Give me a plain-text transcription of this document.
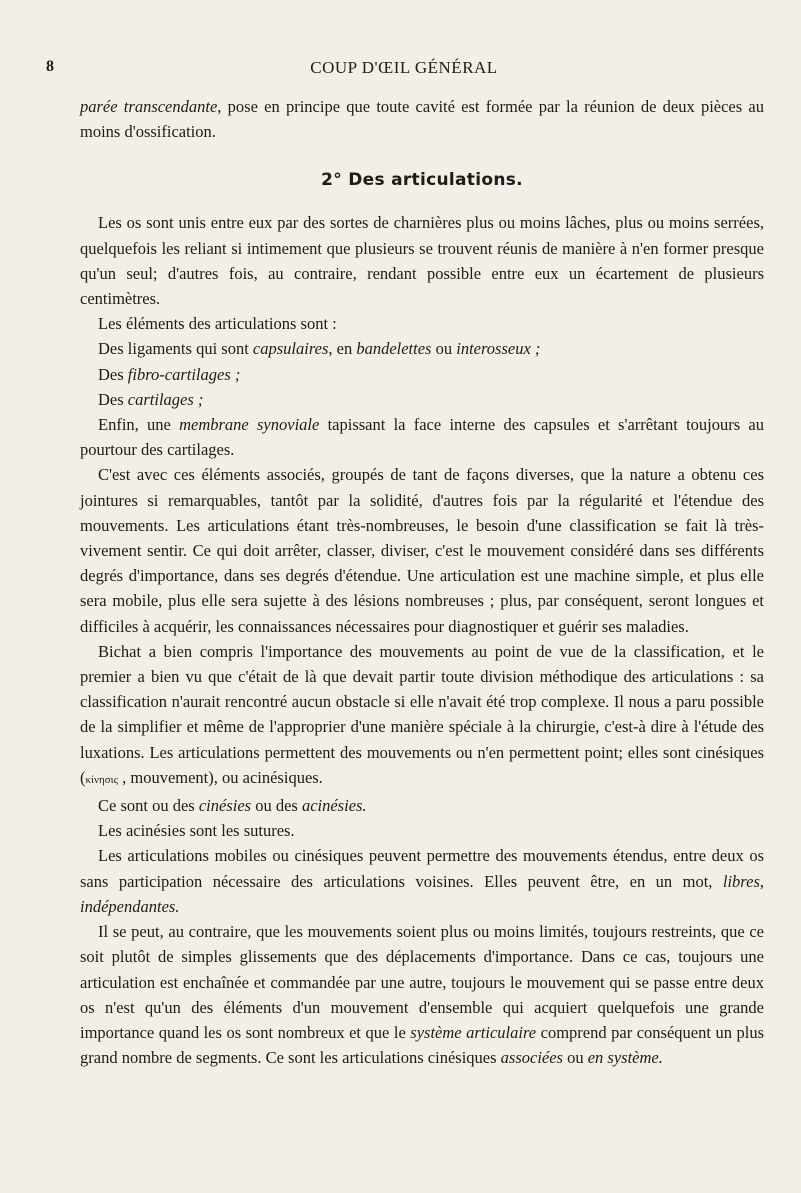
8	COUP D'ŒIL GÉNÉRAL

parée transcendante, pose en principe que toute cavité est formée par la réunion de deux pièces au moins d'ossification.

2° Des articulations.

Les os sont unis entre eux par des sortes de charnières plus ou moins lâches, plus ou moins serrées, quelquefois les reliant si intimement que plusieurs se trouvent réunis de manière à n'en former presque qu'un seul; d'autres fois, au contraire, rendant possible entre eux un écartement de plusieurs centimètres.

Les éléments des articulations sont :

Des ligaments qui sont capsulaires, en bandelettes ou interosseux ;

Des fibro-cartilages ;

Des cartilages ;

Enfin, une membrane synoviale tapissant la face interne des capsules et s'arrêtant toujours au pourtour des cartilages.

C'est avec ces éléments associés, groupés de tant de façons diverses, que la nature a obtenu ces jointures si remarquables, tantôt par la solidité, d'autres fois par la régularité et l'étendue des mouvements. Les articulations étant très-nombreuses, le besoin d'une classification se fait là très-vivement sentir. Ce qui doit arrêter, classer, diviser, c'est le mouvement considéré dans ses différents degrés d'importance, dans ses degrés d'étendue. Une articulation est une machine simple, et plus elle sera mobile, plus elle sera sujette à des lésions nombreuses ; plus, par conséquent, seront longues et difficiles à acquérir, les connaissances nécessaires pour diagnostiquer et guérir ses maladies.

Bichat a bien compris l'importance des mouvements au point de vue de la classification, et le premier a bien vu que c'était de là que devait partir toute division méthodique des articulations : sa classification n'aurait rencontré aucun obstacle si elle n'avait été trop complexe. Il nous a paru possible de la simplifier et même de l'approprier d'une manière spéciale à la chirurgie, c'est-à dire à l'étude des luxations. Les articulations permettent des mouvements ou n'en permettent point; elles sont cinésiques (κίνησις , mouvement), ou acinésiques.

Ce sont ou des cinésies ou des acinésies.

Les acinésies sont les sutures.

Les articulations mobiles ou cinésiques peuvent permettre des mouvements étendus, entre deux os sans participation nécessaire des articulations voisines. Elles peuvent être, en un mot, libres, indépendantes.

Il se peut, au contraire, que les mouvements soient plus ou moins limités, toujours restreints, que ce soit plutôt de simples glissements que des déplacements d'importance. Dans ce cas, toujours une articulation est enchaînée et commandée par une autre, toujours le mouvement qui se passe entre deux os n'est qu'un des éléments d'un mouvement d'ensemble qui acquiert quelquefois une grande importance quand les os sont nombreux et que le système articulaire comprend par conséquent un plus grand nombre de segments. Ce sont les articulations cinésiques associées ou en système.
